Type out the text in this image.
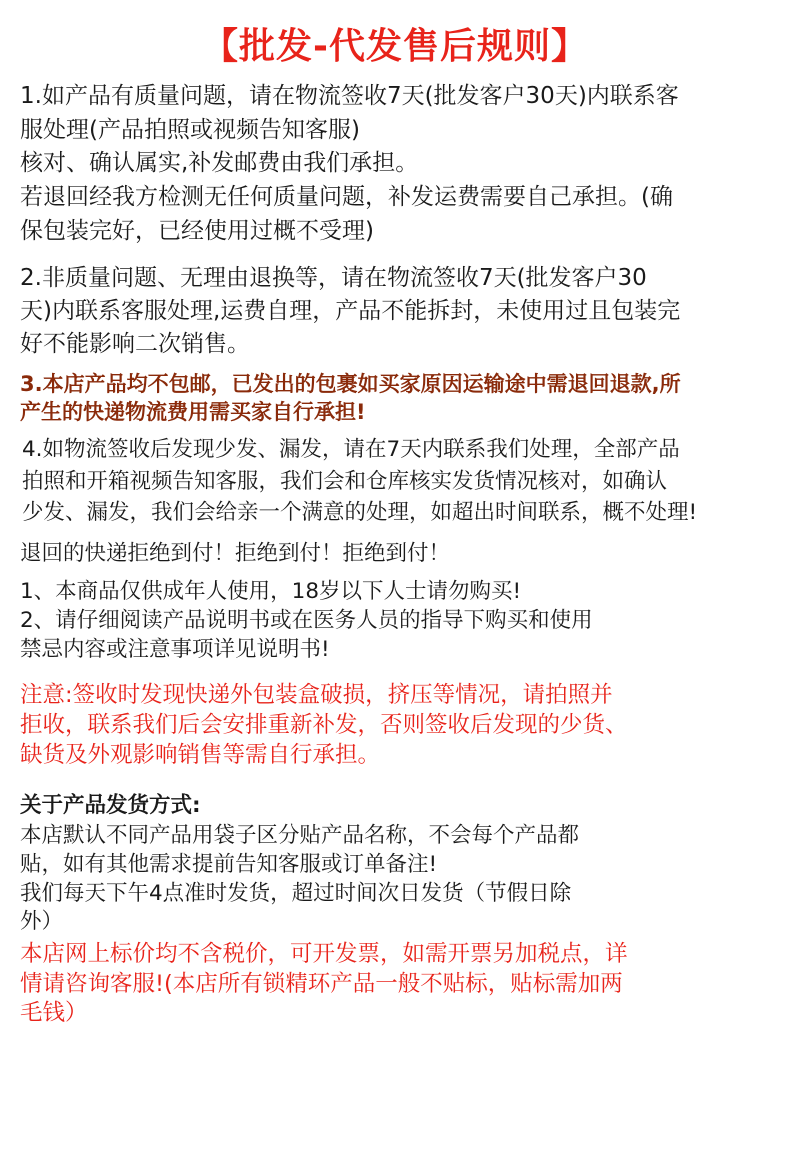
【批发-代发售后规则】
1.如产品有质量问题，请在物流签收7天(批发客户30天)内联系客
服处理(产品拍照或视频告知客服)
核对、确认属实,补发邮费由我们承担。
若退回经我方检测无任何质量问题，补发运费需要自己承担。(确
保包装完好，已经使用过概不受理)
2.非质量问题、无理由退换等，请在物流签收7天(批发客户30
天)内联系客服处理,运费自理，产品不能拆封，未使用过且包装完
好不能影响二次销售。
3.本店产品均不包邮，已发出的包裹如买家原因运输途中需退回退款,所
产生的快递物流费用需买家自行承担!
4.如物流签收后发现少发、漏发，请在7天内联系我们处理，全部产品
拍照和开箱视频告知客服，我们会和仓库核实发货情况核对，如确认
少发、漏发，我们会给亲一个满意的处理，如超出时间联系，概不处理!
退回的快递拒绝到付！拒绝到付！拒绝到付！
1、本商品仅供成年人使用，18岁以下人士请勿购买!
2、请仔细阅读产品说明书或在医务人员的指导下购买和使用
禁忌内容或注意事项详见说明书!
注意:签收时发现快递外包装盒破损，挤压等情况，请拍照并
拒收，联系我们后会安排重新补发，否则签收后发现的少货、
缺货及外观影响销售等需自行承担。
关于产品发货方式:
本店默认不同产品用袋子区分贴产品名称，不会每个产品都
贴，如有其他需求提前告知客服或订单备注!
我们每天下午4点准时发货，超过时间次日发货（节假日除
外）
本店网上标价均不含税价，可开发票，如需开票另加税点，详
情请咨询客服!(本店所有锁精环产品一般不贴标，贴标需加两
毛钱）
